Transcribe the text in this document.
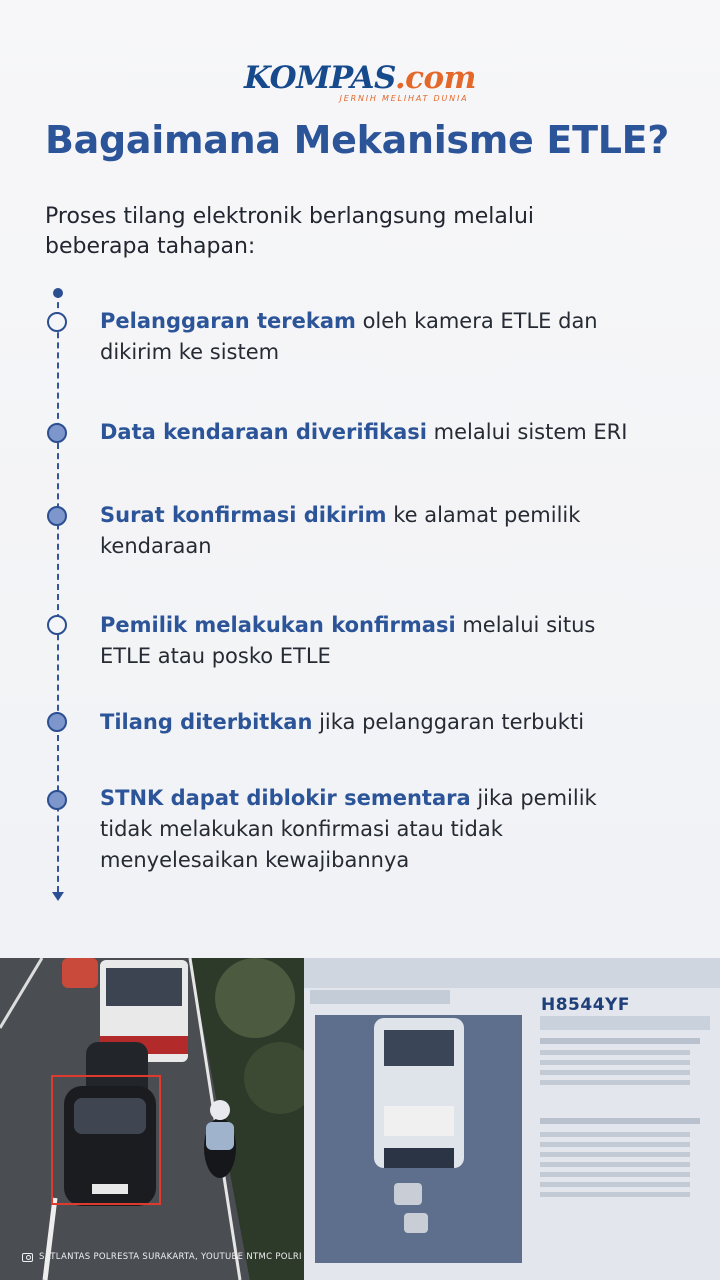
KOMPAS.com
JERNIH MELIHAT DUNIA
Bagaimana Mekanisme ETLE?
Proses tilang elektronik berlangsung melalui beberapa tahapan:
Pelanggaran terekam oleh kamera ETLE dan
dikirim ke sistem
Data kendaraan diverifikasi melalui sistem ERI
Surat konfirmasi dikirim ke alamat pemilik
kendaraan
Pemilik melakukan konfirmasi melalui situs
ETLE atau posko ETLE
Tilang diterbitkan jika pelanggaran terbukti
STNK dapat diblokir sementara jika pemilik
tidak melakukan konfirmasi atau tidak
menyelesaikan kewajibannya
SATLANTAS POLRESTA SURAKARTA, YOUTUBE NTMC POLRI
H8544YF
